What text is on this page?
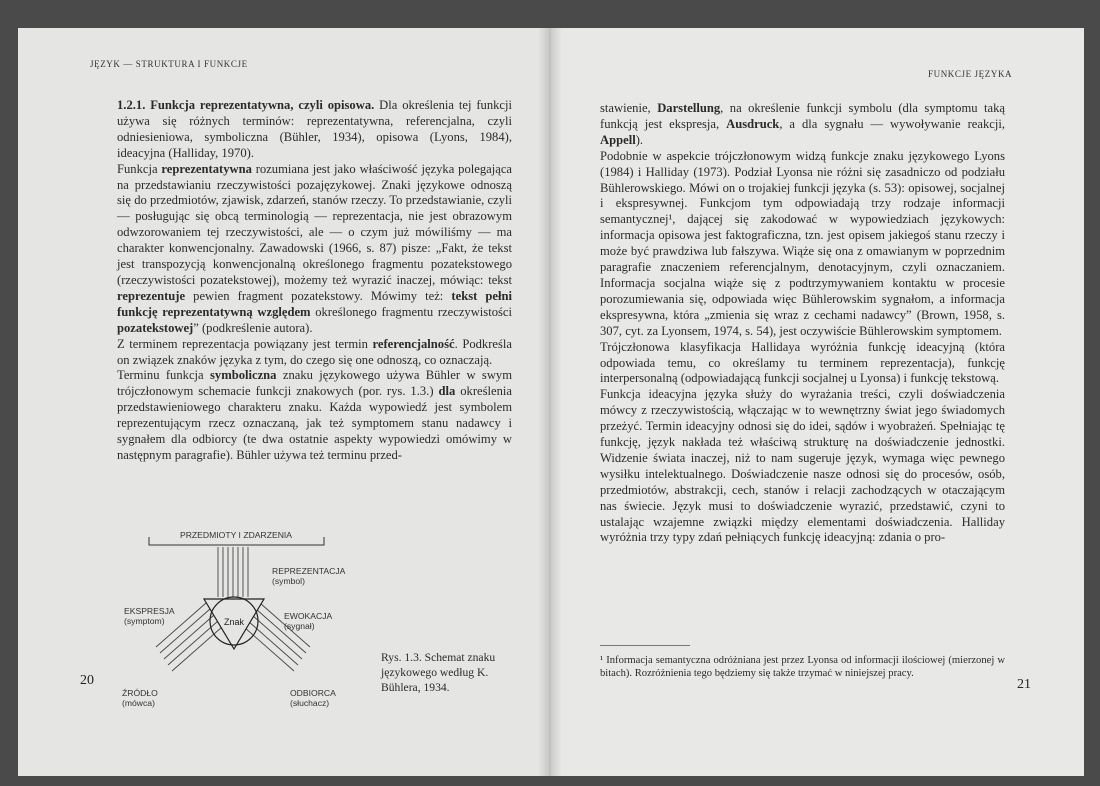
JĘZYK — STRUKTURA I FUNKCJE

1.2.1. Funkcja reprezentatywna, czyli opisowa. Dla określenia tej funkcji używa się różnych terminów: reprezentatywna, referencjalna, czyli odniesieniowa, symboliczna (Bühler, 1934), opisowa (Lyons, 1984), ideacyjna (Halliday, 1970).

Funkcja reprezentatywna rozumiana jest jako właściwość języka polegająca na przedstawianiu rzeczywistości pozajęzykowej. Znaki językowe odnoszą się do przedmiotów, zjawisk, zdarzeń, stanów rzeczy. To przedstawianie, czyli — posługując się obcą terminologią — reprezentacja, nie jest obrazowym odwzorowaniem tej rzeczywistości, ale — o czym już mówiliśmy — ma charakter konwencjonalny. Zawadowski (1966, s. 87) pisze: „Fakt, że tekst jest transpozycją konwencjonalną określonego fragmentu pozatekstowego (rzeczywistości pozatekstowej), możemy też wyrazić inaczej, mówiąc: tekst reprezentuje pewien fragment pozatekstowy. Mówimy też: tekst pełni funkcję reprezentatywną względem określonego fragmentu rzeczywistości pozatekstowej” (podkreślenie autora).

Z terminem reprezentacja powiązany jest termin referencjalność. Podkreśla on związek znaków języka z tym, do czego się one odnoszą, co oznaczają.

Terminu funkcja symboliczna znaku językowego używa Bühler w swym trójczłonowym schemacie funkcji znakowych (por. rys. 1.3.) dla określenia przedstawieniowego charakteru znaku. Każda wypowiedź jest symbolem reprezentującym rzecz oznaczaną, jak też symptomem stanu nadawcy i sygnałem dla odbiorcy (te dwa ostatnie aspekty wypowiedzi omówimy w następnym paragrafie). Bühler używa też terminu przed-

PRZEDMIOTY I ZDARZENIA
REPREZENTACJA
(symbol)
Znak
EKSPRESJA
(symptom)	EWOKACJA
(sygnał)
ŹRÓDŁO
(mówca)
ODBIORCA
(słuchacz)
Rys. 1.3. Schemat znaku językowego według K. Bühlera, 1934.
20
FUNKCJE JĘZYKA

stawienie, Darstellung, na określenie funkcji symbolu (dla symptomu taką funkcją jest ekspresja, Ausdruck, a dla sygnału — wywoływanie reakcji, Appell).

Podobnie w aspekcie trójczłonowym widzą funkcje znaku językowego Lyons (1984) i Halliday (1973). Podział Lyonsa nie różni się zasadniczo od podziału Bühlerowskiego. Mówi on o trojakiej funkcji języka (s. 53): opisowej, socjalnej i ekspresywnej. Funkcjom tym odpowiadają trzy rodzaje informacji semantycznej¹, dającej się zakodować w wypowiedziach językowych: informacja opisowa jest faktograficzna, tzn. jest opisem jakiegoś stanu rzeczy i może być prawdziwa lub fałszywa. Wiąże się ona z omawianym w poprzednim paragrafie znaczeniem referencjalnym, denotacyjnym, czyli oznaczaniem. Informacja socjalna wiąże się z podtrzymywaniem kontaktu w procesie porozumiewania się, odpowiada więc Bühlerowskim sygnałom, a informacja ekspresywna, która „zmienia się wraz z cechami nadawcy” (Brown, 1958, s. 307, cyt. za Lyonsem, 1974, s. 54), jest oczywiście Bühlerowskim symptomem.

Trójczłonowa klasyfikacja Hallidaya wyróżnia funkcję ideacyjną (która odpowiada temu, co określamy tu terminem reprezentacja), funkcję interpersonalną (odpowiadającą funkcji socjalnej u Lyonsa) i funkcję tekstową.

Funkcja ideacyjna języka służy do wyrażania treści, czyli doświadczenia mówcy z rzeczywistością, włączając w to wewnętrzny świat jego świadomych przeżyć. Termin ideacyjny odnosi się do idei, sądów i wyobrażeń. Spełniając tę funkcję, język nakłada też właściwą strukturę na doświadczenie jednostki. Widzenie świata inaczej, niż to nam sugeruje język, wymaga więc pewnego wysiłku intelektualnego. Doświadczenie nasze odnosi się do procesów, osób, przedmiotów, abstrakcji, cech, stanów i relacji zachodzących w otaczającym nas świecie. Język musi to doświadczenie wyrazić, przedstawić, czyni to ustalając wzajemne związki między elementami doświadczenia. Halliday wyróżnia trzy typy zdań pełniących funkcję ideacyjną: zdania o pro-

¹ Informacja semantyczna odróżniana jest przez Lyonsa od informacji ilościowej (mierzonej w bitach). Rozróżnienia tego będziemy się także trzymać w niniejszej pracy.
21
